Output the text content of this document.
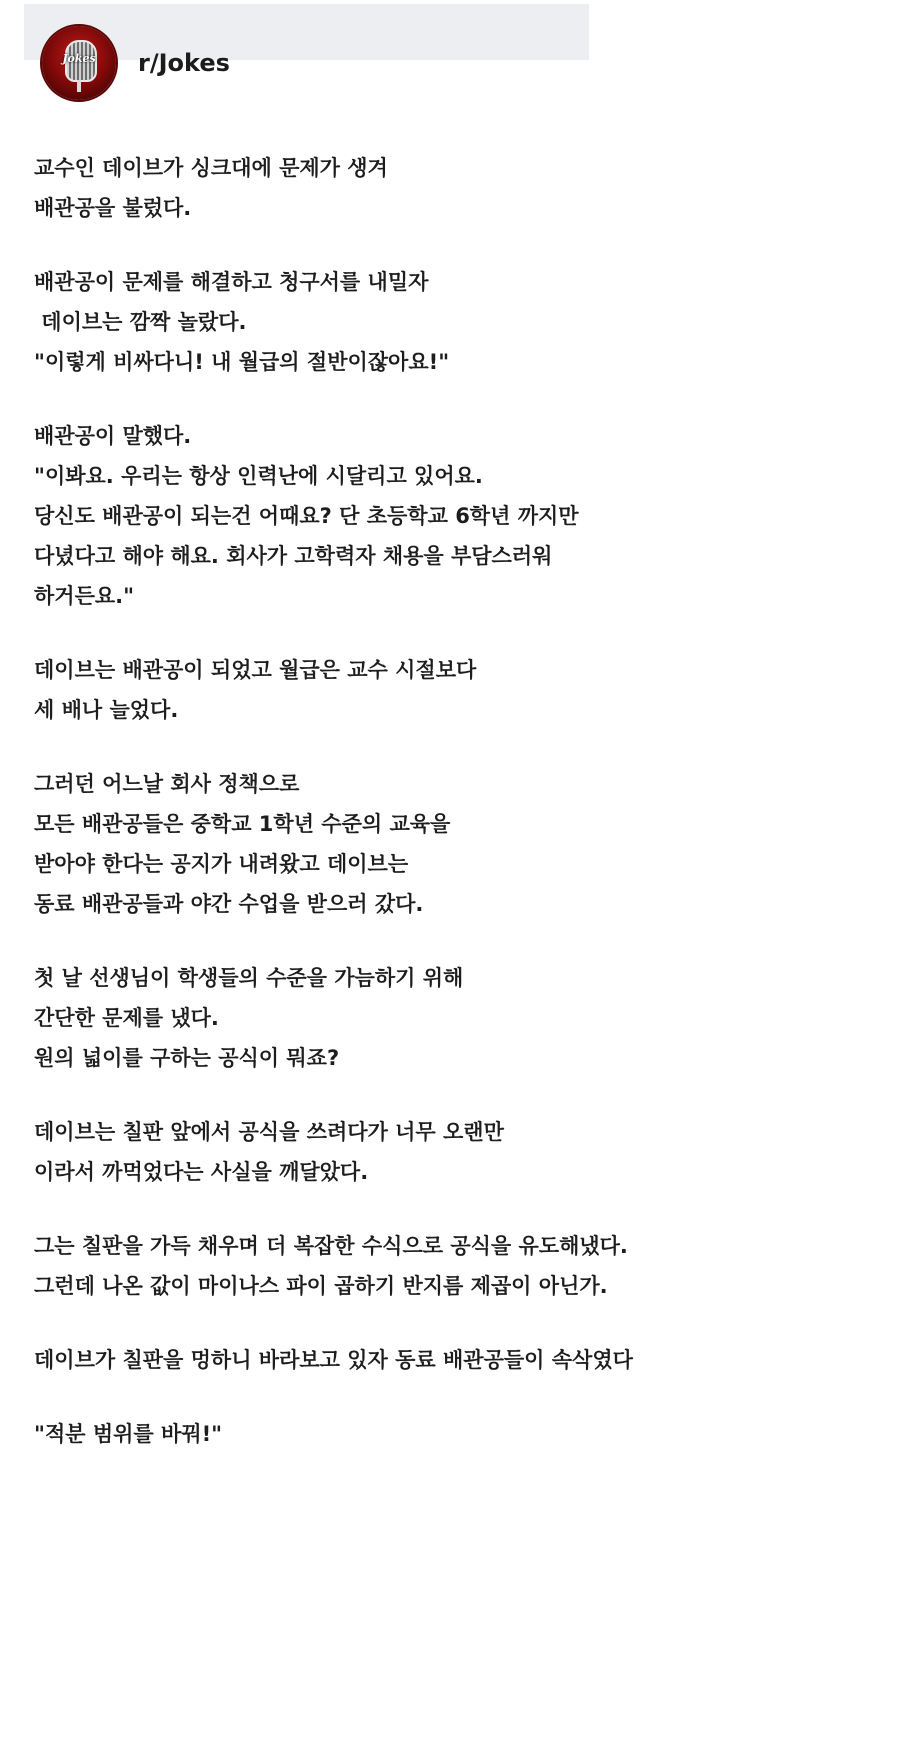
Jokes r/Jokes
교수인 데이브가 싱크대에 문제가 생겨
배관공을 불렀다.
배관공이 문제를 해결하고 청구서를 내밀자
데이브는 깜짝 놀랐다.
"이렇게 비싸다니! 내 월급의 절반이잖아요!"
배관공이 말했다.
"이봐요. 우리는 항상 인력난에 시달리고 있어요.
당신도 배관공이 되는건 어때요? 단 초등학교 6학년 까지만
다녔다고 해야 해요. 회사가 고학력자 채용을 부담스러워
하거든요."
데이브는 배관공이 되었고 월급은 교수 시절보다
세 배나 늘었다.
그러던 어느날 회사 정책으로
모든 배관공들은 중학교 1학년 수준의 교육을
받아야 한다는 공지가 내려왔고 데이브는
동료 배관공들과 야간 수업을 받으러 갔다.
첫 날 선생님이 학생들의 수준을 가늠하기 위해
간단한 문제를 냈다.
원의 넓이를 구하는 공식이 뭐죠?
데이브는 칠판 앞에서 공식을 쓰려다가 너무 오랜만
이라서 까먹었다는 사실을 깨달았다.
그는 칠판을 가득 채우며 더 복잡한 수식으로 공식을 유도해냈다.
그런데 나온 값이 마이나스 파이 곱하기 반지름 제곱이 아닌가.
데이브가 칠판을 멍하니 바라보고 있자 동료 배관공들이 속삭였다
"적분 범위를 바꿔!"
